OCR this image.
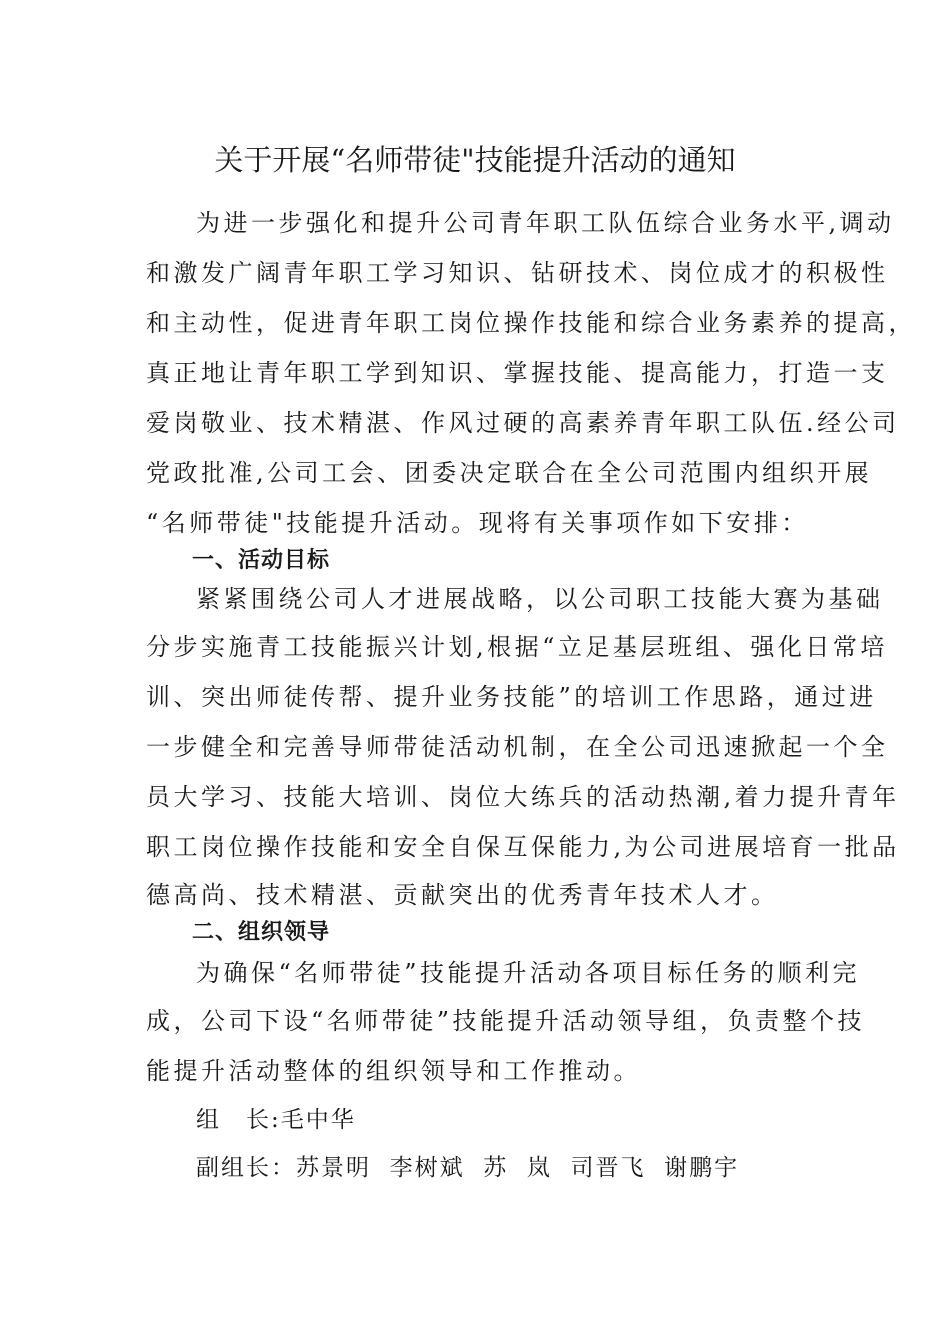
关于开展“名师带徒"技能提升活动的通知
为进一步强化和提升公司青年职工队伍综合业务水平,调动
和激发广阔青年职工学习知识、钻研技术、岗位成才的积极性
和主动性，促进青年职工岗位操作技能和综合业务素养的提高，
真正地让青年职工学到知识、掌握技能、提高能力，打造一支
爱岗敬业、技术精湛、作风过硬的高素养青年职工队伍.经公司
党政批准,公司工会、团委决定联合在全公司范围内组织开展
“名师带徒"技能提升活动。现将有关事项作如下安排：
一、活动目标
紧紧围绕公司人才进展战略，以公司职工技能大赛为基础
分步实施青工技能振兴计划,根据“立足基层班组、强化日常培
训、突出师徒传帮、提升业务技能”的培训工作思路，通过进
一步健全和完善导师带徒活动机制，在全公司迅速掀起一个全
员大学习、技能大培训、岗位大练兵的活动热潮,着力提升青年
职工岗位操作技能和安全自保互保能力,为公司进展培育一批品
德高尚、技术精湛、贡献突出的优秀青年技术人才。
二、组织领导
为确保“名师带徒”技能提升活动各项目标任务的顺利完
成，公司下设“名师带徒”技能提升活动领导组，负责整个技
能提升活动整体的组织领导和工作推动。
组　长:毛中华
副组长：苏景明  李树斌  苏  岚  司晋飞  谢鹏宇
